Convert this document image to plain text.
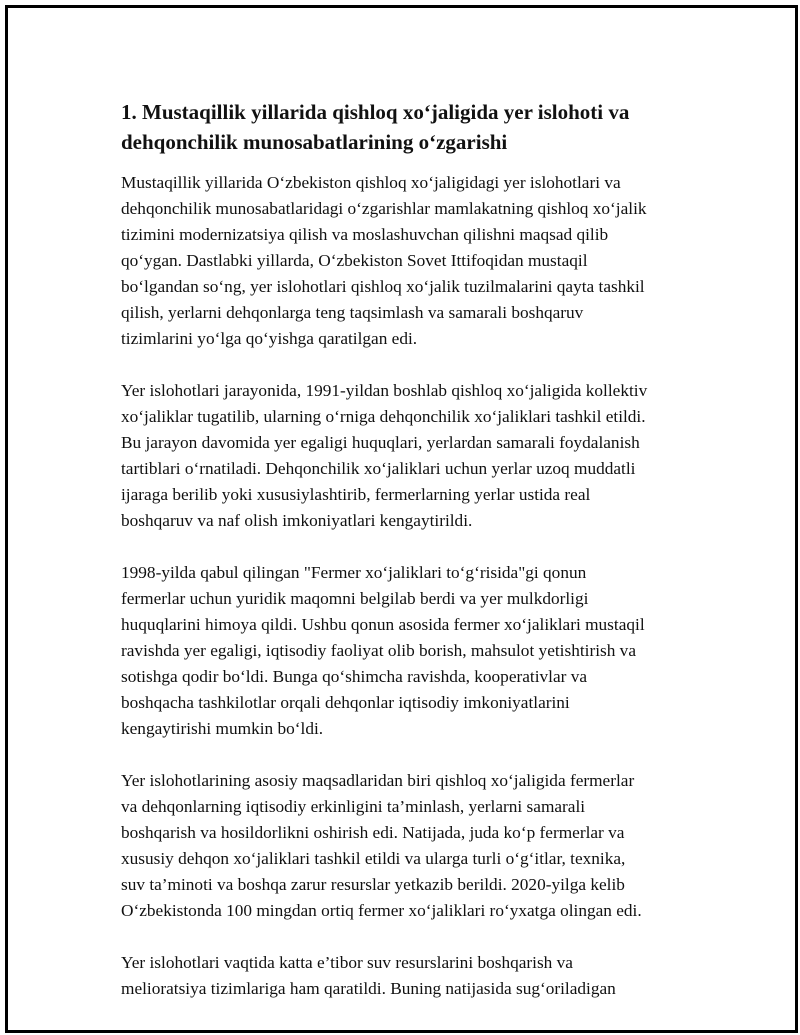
1. Mustaqillik yillarida qishloq xo‘jaligida yer islohoti va
dehqonchilik munosabatlarining o‘zgarishi

Mustaqillik yillarida O‘zbekiston qishloq xo‘jaligidagi yer islohotlari va
dehqonchilik munosabatlaridagi o‘zgarishlar mamlakatning qishloq xo‘jalik
tizimini modernizatsiya qilish va moslashuvchan qilishni maqsad qilib
qo‘ygan. Dastlabki yillarda, O‘zbekiston Sovet Ittifoqidan mustaqil
bo‘lgandan so‘ng, yer islohotlari qishloq xo‘jalik tuzilmalarini qayta tashkil
qilish, yerlarni dehqonlarga teng taqsimlash va samarali boshqaruv
tizimlarini yo‘lga qo‘yishga qaratilgan edi.

Yer islohotlari jarayonida, 1991-yildan boshlab qishloq xo‘jaligida kollektiv
xo‘jaliklar tugatilib, ularning o‘rniga dehqonchilik xo‘jaliklari tashkil etildi.
Bu jarayon davomida yer egaligi huquqlari, yerlardan samarali foydalanish
tartiblari o‘rnatiladi. Dehqonchilik xo‘jaliklari uchun yerlar uzoq muddatli
ijaraga berilib yoki xususiylashtirib, fermerlarning yerlar ustida real
boshqaruv va naf olish imkoniyatlari kengaytirildi.

1998-yilda qabul qilingan "Fermer xo‘jaliklari to‘g‘risida"gi qonun
fermerlar uchun yuridik maqomni belgilab berdi va yer mulkdorligi
huquqlarini himoya qildi. Ushbu qonun asosida fermer xo‘jaliklari mustaqil
ravishda yer egaligi, iqtisodiy faoliyat olib borish, mahsulot yetishtirish va
sotishga qodir bo‘ldi. Bunga qo‘shimcha ravishda, kooperativlar va
boshqacha tashkilotlar orqali dehqonlar iqtisodiy imkoniyatlarini
kengaytirishi mumkin bo‘ldi.

Yer islohotlarining asosiy maqsadlaridan biri qishloq xo‘jaligida fermerlar
va dehqonlarning iqtisodiy erkinligini ta’minlash, yerlarni samarali
boshqarish va hosildorlikni oshirish edi. Natijada, juda ko‘p fermerlar va
xususiy dehqon xo‘jaliklari tashkil etildi va ularga turli o‘g‘itlar, texnika,
suv ta’minoti va boshqa zarur resurslar yetkazib berildi. 2020-yilga kelib
O‘zbekistonda 100 mingdan ortiq fermer xo‘jaliklari ro‘yxatga olingan edi.

Yer islohotlari vaqtida katta e’tibor suv resurslarini boshqarish va
melioratsiya tizimlariga ham qaratildi. Buning natijasida sug‘oriladigan
